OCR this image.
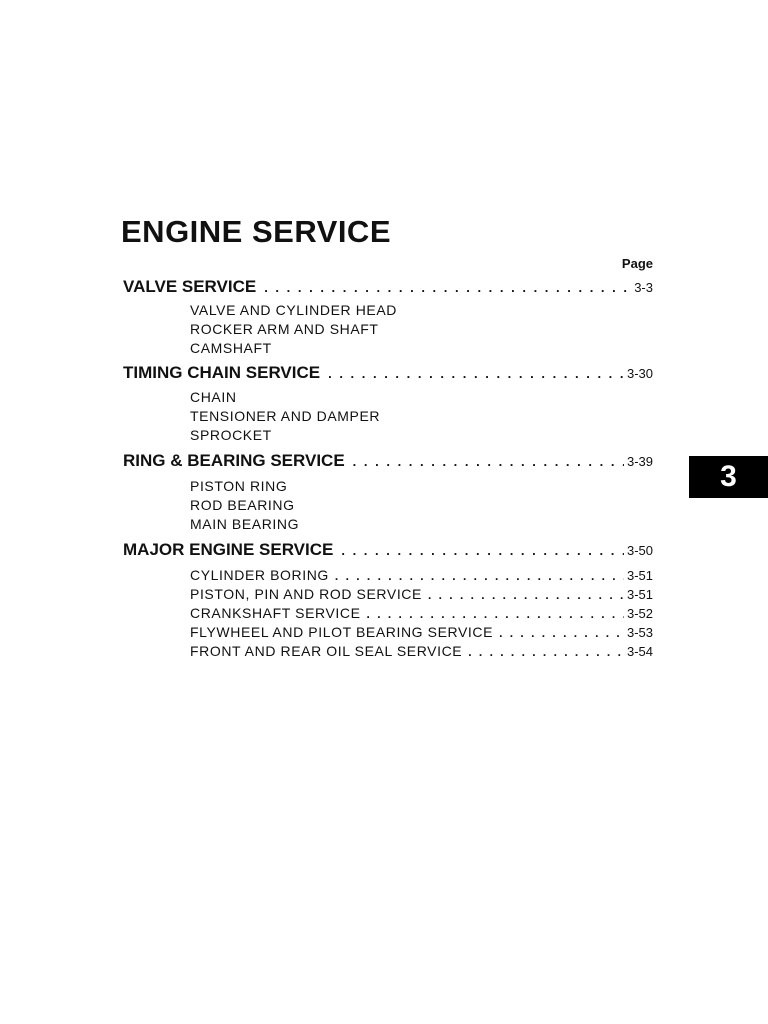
ENGINE SERVICE
Page
VALVE SERVICE . . .	3-3
VALVE AND CYLINDER HEAD
ROCKER ARM AND SHAFT
CAMSHAFT
TIMING CHAIN SERVICE . . .	3-30
CHAIN
TENSIONER AND DAMPER
SPROCKET
RING & BEARING SERVICE . . .	3-39
PISTON RING
ROD BEARING
MAIN BEARING
MAJOR ENGINE SERVICE . . .	3-50
CYLINDER BORING . . .	3-51
PISTON, PIN AND ROD SERVICE . . .	3-51
CRANKSHAFT SERVICE . . .	3-52
FLYWHEEL AND PILOT BEARING SERVICE . . .	3-53
FRONT AND REAR OIL SEAL SERVICE . . .	3-54
3
